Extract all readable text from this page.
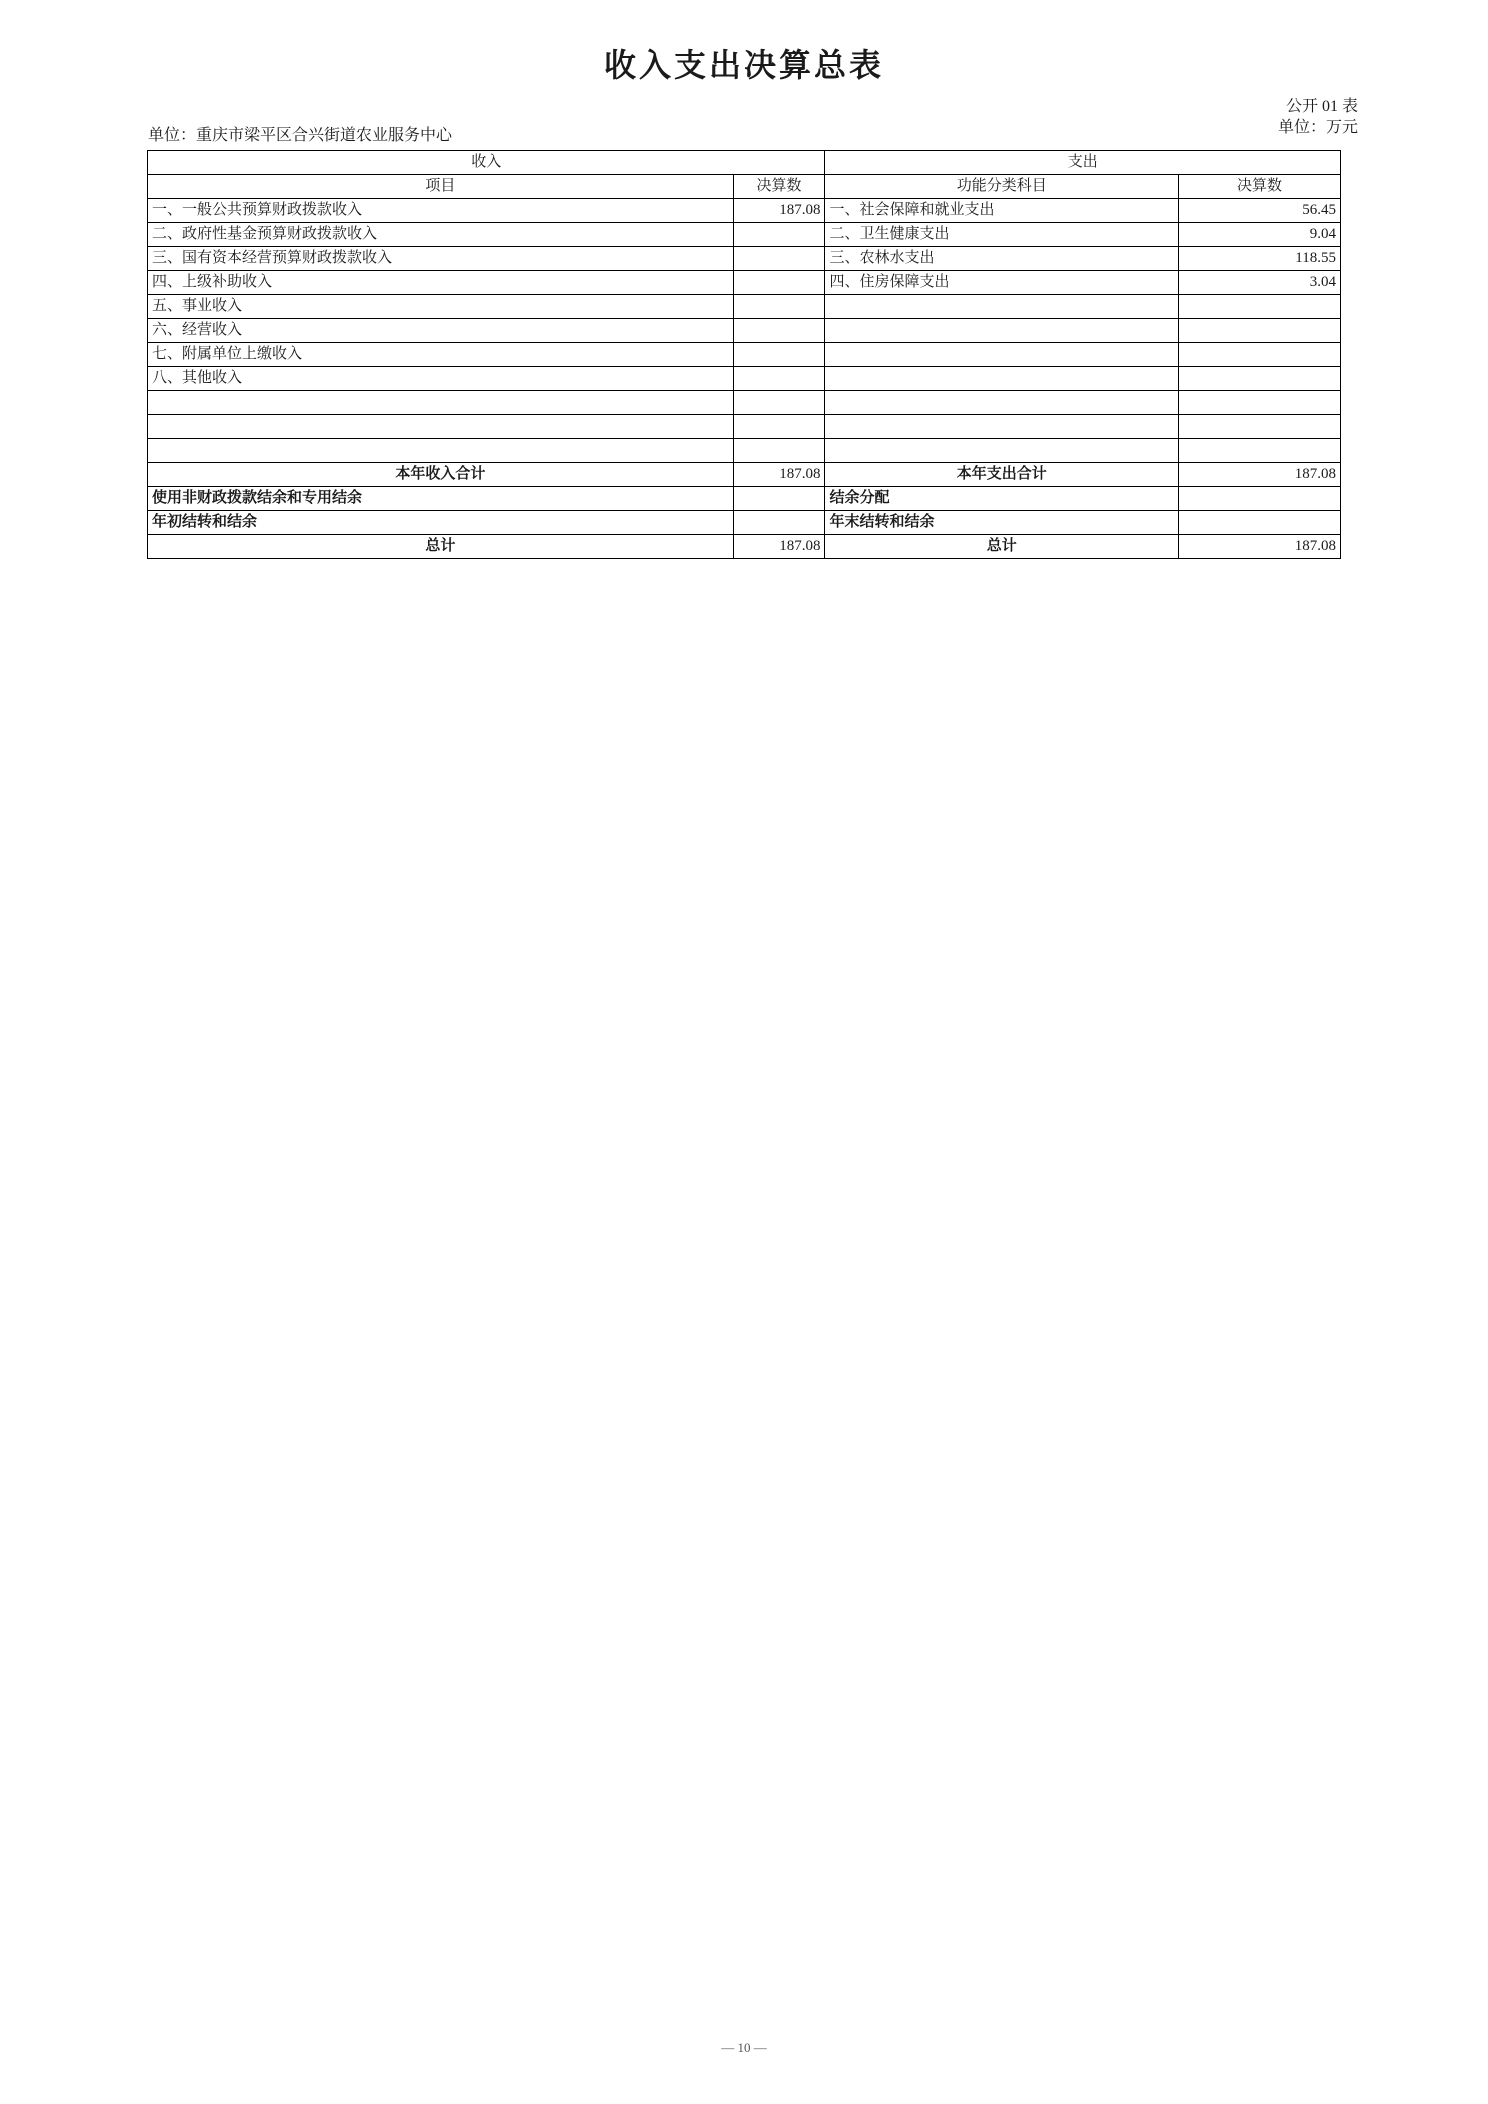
收入支出决算总表
公开 01 表
单位：万元
单位：重庆市梁平区合兴街道农业服务中心
收入		支出	
项目	决算数	功能分类科目	决算数
一、一般公共预算财政拨款收入	187.08	一、社会保障和就业支出	56.45
二、政府性基金预算财政拨款收入		二、卫生健康支出	9.04
三、国有资本经营预算财政拨款收入		三、农林水支出	118.55
四、上级补助收入		四、住房保障支出	3.04
五、事业收入			
六、经营收入			
七、附属单位上缴收入			
八、其他收入			

本年收入合计	187.08	本年支出合计	187.08
使用非财政拨款结余和专用结余		结余分配	
年初结转和结余		年末结转和结余	
总计	187.08	总计	187.08
— 10 —
